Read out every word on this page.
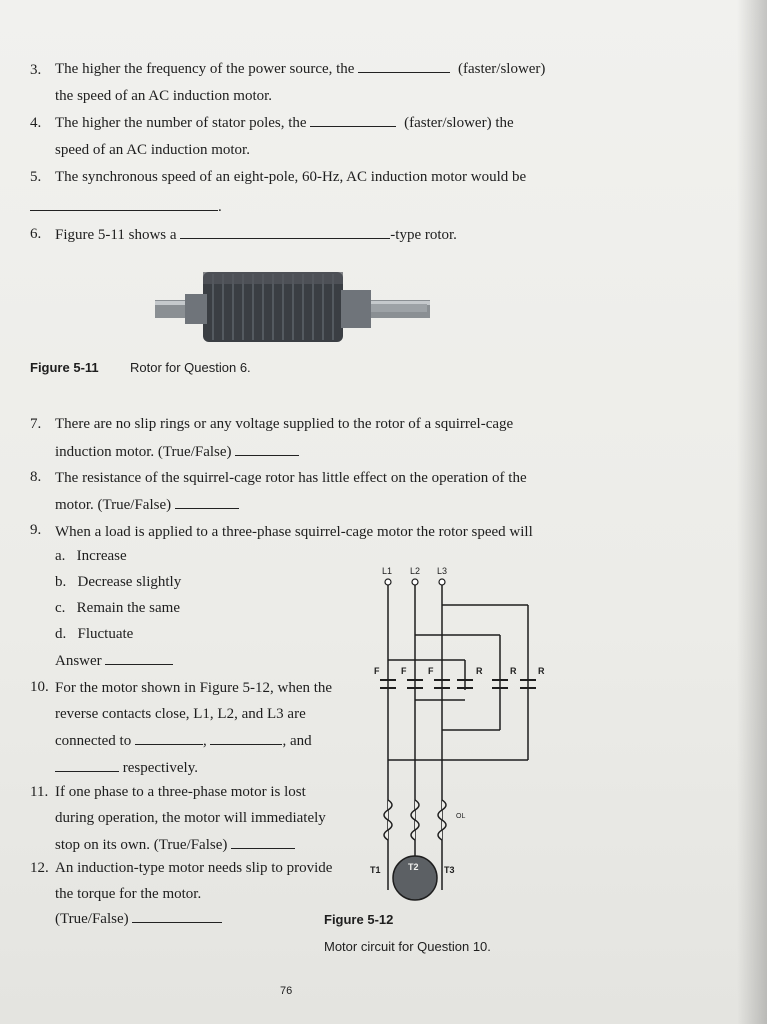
3. The higher the frequency of the power source, the	(faster/slower)
the speed of an AC induction motor.
4. The higher the number of stator poles, the	(faster/slower) the
speed of an AC induction motor.
5. The synchronous speed of an eight-pole, 60-Hz, AC induction motor would be
.
6. Figure 5-11 shows a	-type rotor.
Figure 5-11 Rotor for Question 6.
7. There are no slip rings or any voltage supplied to the rotor of a squirrel-cage
induction motor. (True/False)
8. The resistance of the squirrel-cage rotor has little effect on the operation of the
motor. (True/False)
9. When a load is applied to a three-phase squirrel-cage motor the rotor speed will
a. Increase
b. Decrease slightly
c. Remain the same
d. Fluctuate
Answer
10. For the motor shown in Figure 5-12, when the
reverse contacts close, L1, L2, and L3 are
connected to	,	, and
respectively.
11. If one phase to a three-phase motor is lost
during operation, the motor will immediately
stop on its own. (True/False)
12. An induction-type motor needs slip to provide
the torque for the motor.
(True/False)
L1 L2 L3
F F F	R	R R
OL
T1	T2	T3
Figure 5-12
Motor circuit for Question 10.
76
